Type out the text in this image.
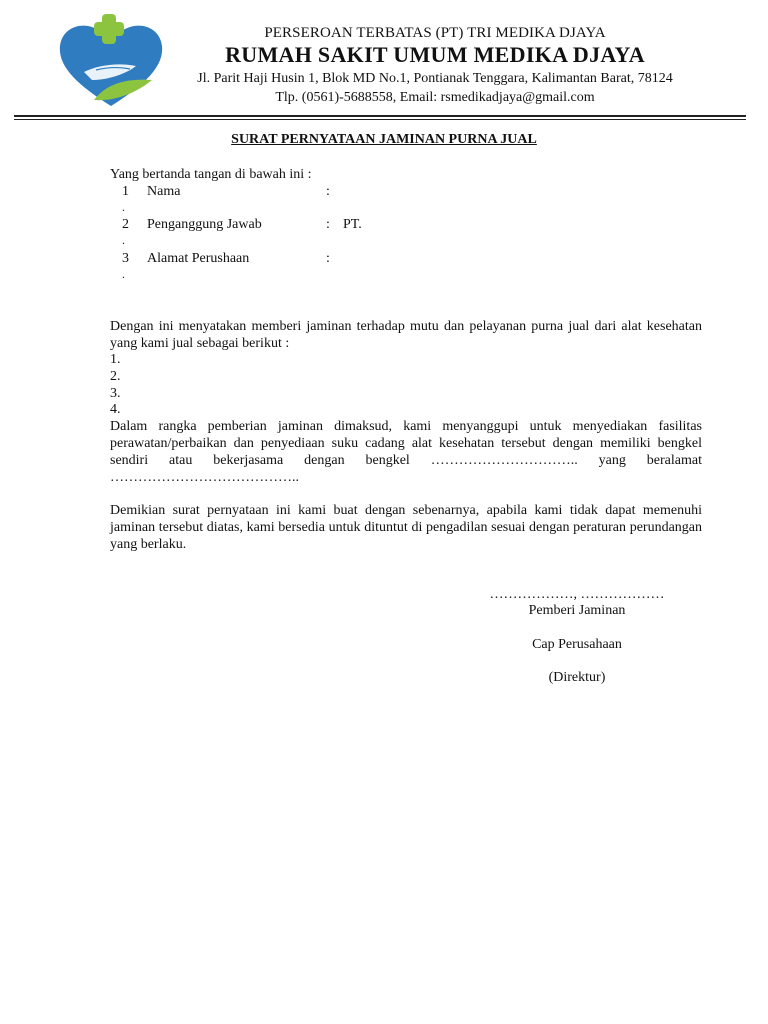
PERSEROAN TERBATAS (PT) TRI MEDIKA DJAYA
RUMAH SAKIT UMUM MEDIKA DJAYA
Jl. Parit Haji Husin 1, Blok MD No.1, Pontianak Tenggara, Kalimantan Barat, 78124
Tlp. (0561)-5688558, Email: rsmedikadjaya@gmail.com
SURAT PERNYATAAN JAMINAN PURNA JUAL
Yang bertanda tangan di bawah ini :
1
.
Nama	:
2
.
Penganggung Jawab	: PT.
3
.
Alamat Perushaan	:
Dengan ini menyatakan memberi jaminan terhadap mutu dan pelayanan purna jual dari alat kesehatan yang kami jual sebagai berikut :
1.
2.
3.
4.
Dalam rangka pemberian jaminan dimaksud, kami menyanggupi untuk menyediakan fasilitas perawatan/perbaikan dan penyediaan suku cadang alat kesehatan tersebut dengan memiliki bengkel sendiri atau bekerjasama dengan bengkel ………………………….. yang beralamat …………………………………..
Demikian surat pernyataan ini kami buat dengan sebenarnya, apabila kami tidak dapat memenuhi jaminan tersebut diatas, kami bersedia untuk dituntut di pengadilan sesuai dengan peraturan perundangan yang berlaku.
………………, ………………
Pemberi Jaminan
Cap Perusahaan
(Direktur)
